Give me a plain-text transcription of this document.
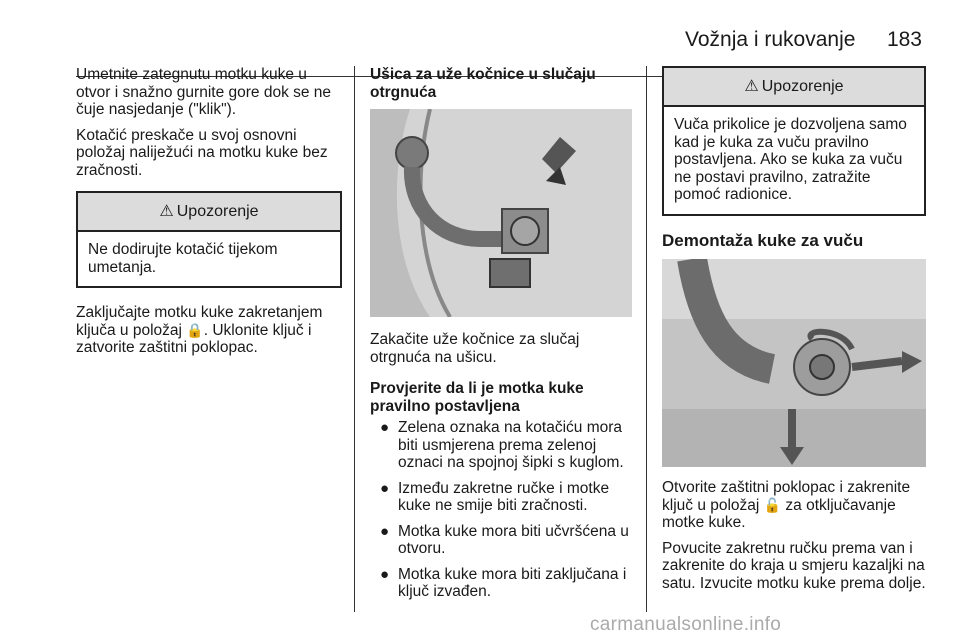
Vožnja i rukovanje 183

Umetnite zategnutu motku kuke u otvor i snažno gurnite gore dok se ne čuje nasjedanje ("klik").

Kotačić preskače u svoj osnovni položaj naliježući na motku kuke bez zračnosti.

⚠ Upozorenje
Ne dodirujte kotačić tijekom umetanja.

Zaključajte motku kuke zakretanjem ključa u položaj 🔒. Uklonite ključ i zatvorite zaštitni poklopac.

Ušica za uže kočnice u slučaju otrgnuća

Zakačite uže kočnice za slučaj otrgnuća na ušicu.

Provjerite da li je motka kuke pravilno postavljena

● Zelena oznaka na kotačiću mora biti usmjerena prema zelenoj oznaci na spojnoj šipki s kuglom.
● Između zakretne ručke i motke kuke ne smije biti zračnosti.
● Motka kuke mora biti učvršćena u otvoru.
● Motka kuke mora biti zaključana i ključ izvađen.
⚠ Upozorenje
Vuča prikolice je dozvoljena samo kad je kuka za vuču pravilno postavljena. Ako se kuka za vuču ne postavi pravilno, zatražite pomoć radionice.

Demontaža kuke za vuču

Otvorite zaštitni poklopac i zakrenite ključ u položaj 🔓 za otključavanje motke kuke.

Povucite zakretnu ručku prema van i zakrenite do kraja u smjeru kazaljki na satu. Izvucite motku kuke prema dolje.

carmanualsonline.info
